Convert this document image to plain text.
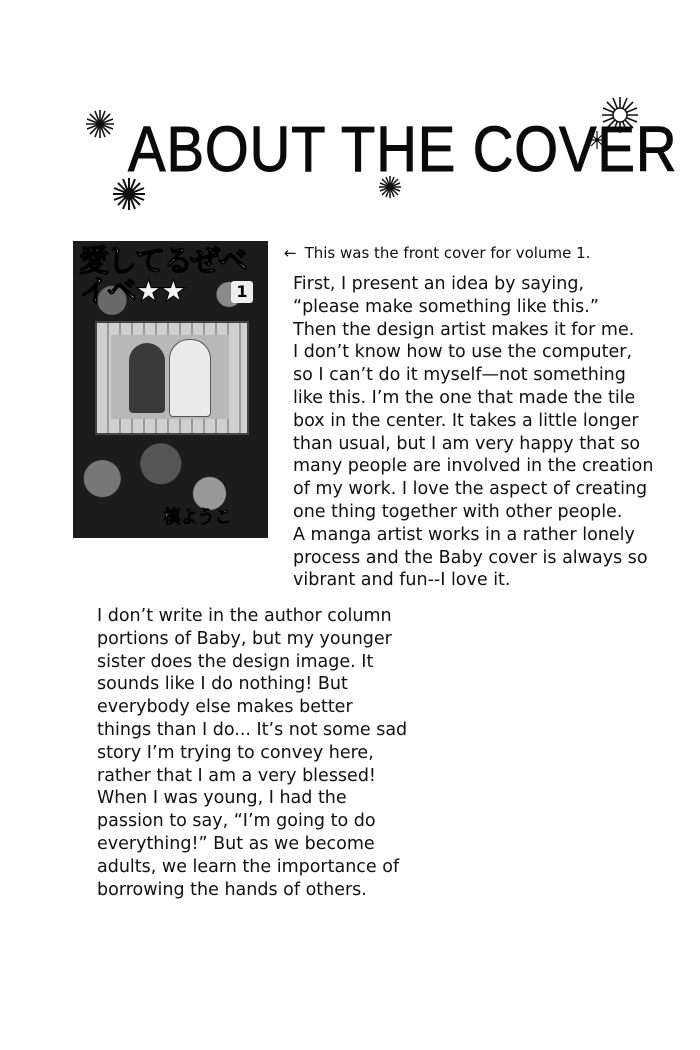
ABOUT THE COVER
愛してるぜベイベ★★	1
槙ようこ
← This was the front cover for volume 1.
First, I present an idea by saying,
“please make something like this.”
Then the design artist makes it for me.
I don’t know how to use the computer,
so I can’t do it myself—not something
like this. I’m the one that made the tile
box in the center. It takes a little longer
than usual, but I am very happy that so
many people are involved in the creation
of my work. I love the aspect of creating
one thing together with other people.
A manga artist works in a rather lonely
process and the Baby cover is always so
vibrant and fun--I love it.
I don’t write in the author column
portions of Baby, but my younger
sister does the design image. It
sounds like I do nothing! But
everybody else makes better
things than I do... It’s not some sad
story I’m trying to convey here,
rather that I am a very blessed!
When I was young, I had the
passion to say, “I’m going to do
everything!” But as we become
adults, we learn the importance of
borrowing the hands of others.
